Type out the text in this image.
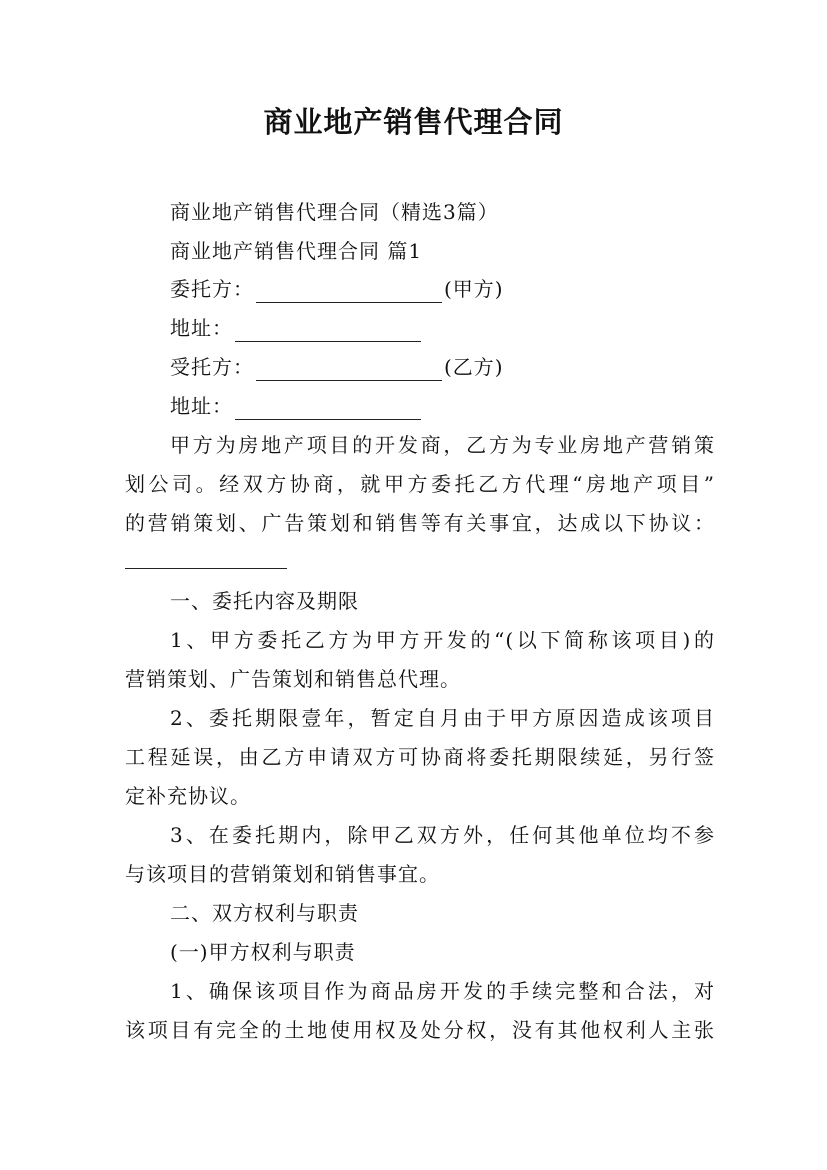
商业地产销售代理合同

商业地产销售代理合同（精选3篇）

商业地产销售代理合同 篇1

委托方：	(甲方)

地址：

受托方：	(乙方)

地址：

甲方为房地产项目的开发商，乙方为专业房地产营销策

划公司。经双方协商，就甲方委托乙方代理“房地产项目”

的营销策划、广告策划和销售等有关事宜，达成以下协议：

一、委托内容及期限

1、甲方委托乙方为甲方开发的“(以下简称该项目)的

营销策划、广告策划和销售总代理。

2、委托期限壹年，暂定自月由于甲方原因造成该项目

工程延误，由乙方申请双方可协商将委托期限续延，另行签

定补充协议。

3、在委托期内，除甲乙双方外，任何其他单位均不参

与该项目的营销策划和销售事宜。

二、双方权利与职责

(一)甲方权利与职责

1、确保该项目作为商品房开发的手续完整和合法，对

该项目有完全的土地使用权及处分权，没有其他权利人主张
